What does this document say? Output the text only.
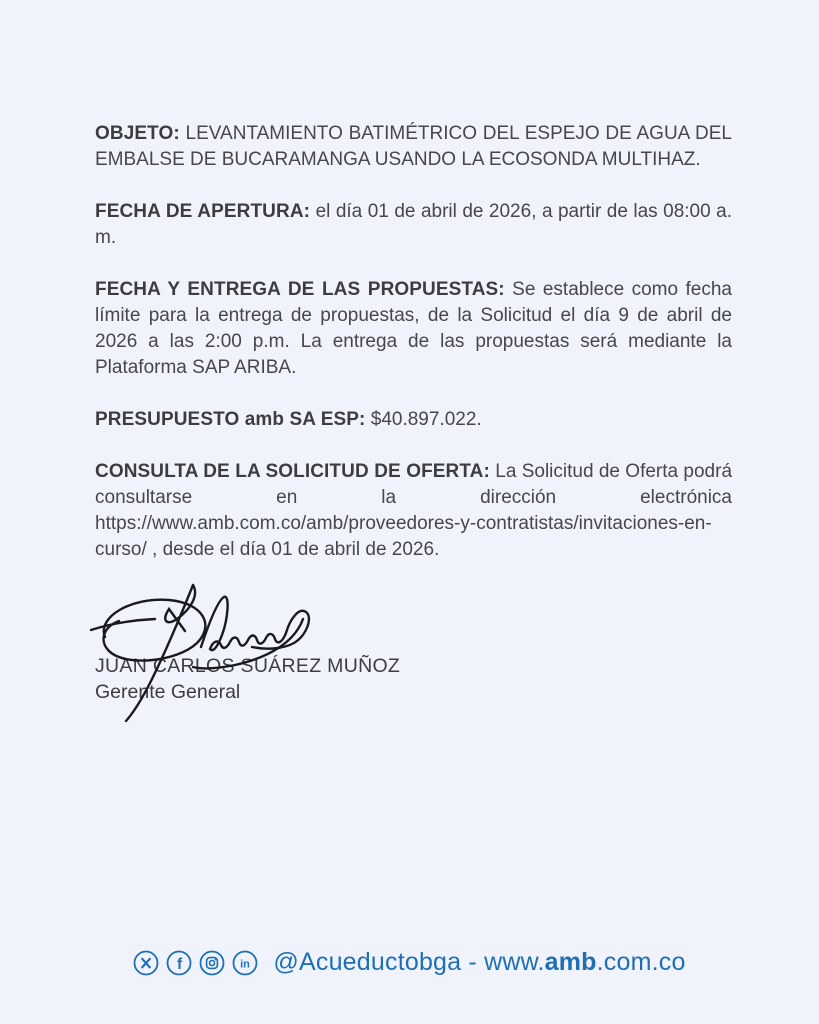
OBJETO: LEVANTAMIENTO BATIMÉTRICO DEL ESPEJO DE AGUA DEL EMBALSE DE BUCARAMANGA USANDO LA ECOSONDA MULTIHAZ.

FECHA DE APERTURA: el día 01 de abril de 2026, a partir de las 08:00 a. m.

FECHA Y ENTREGA DE LAS PROPUESTAS: Se establece como fecha límite para la entrega de propuestas, de la Solicitud el día 9 de abril de 2026 a las 2:00 p.m. La entrega de las propuestas será mediante la Plataforma SAP ARIBA.

PRESUPUESTO amb SA ESP: $40.897.022.

CONSULTA DE LA SOLICITUD DE OFERTA: La Solicitud de Oferta podrá consultarse en la dirección electrónica https://www.amb.com.co/amb/proveedores-y-contratistas/invitaciones-en-curso/ , desde el día 01 de abril de 2026.

JUAN CARLOS SUÁREZ MUÑOZ
Gerente General
f	in @Acueductobga - www.amb.com.co
